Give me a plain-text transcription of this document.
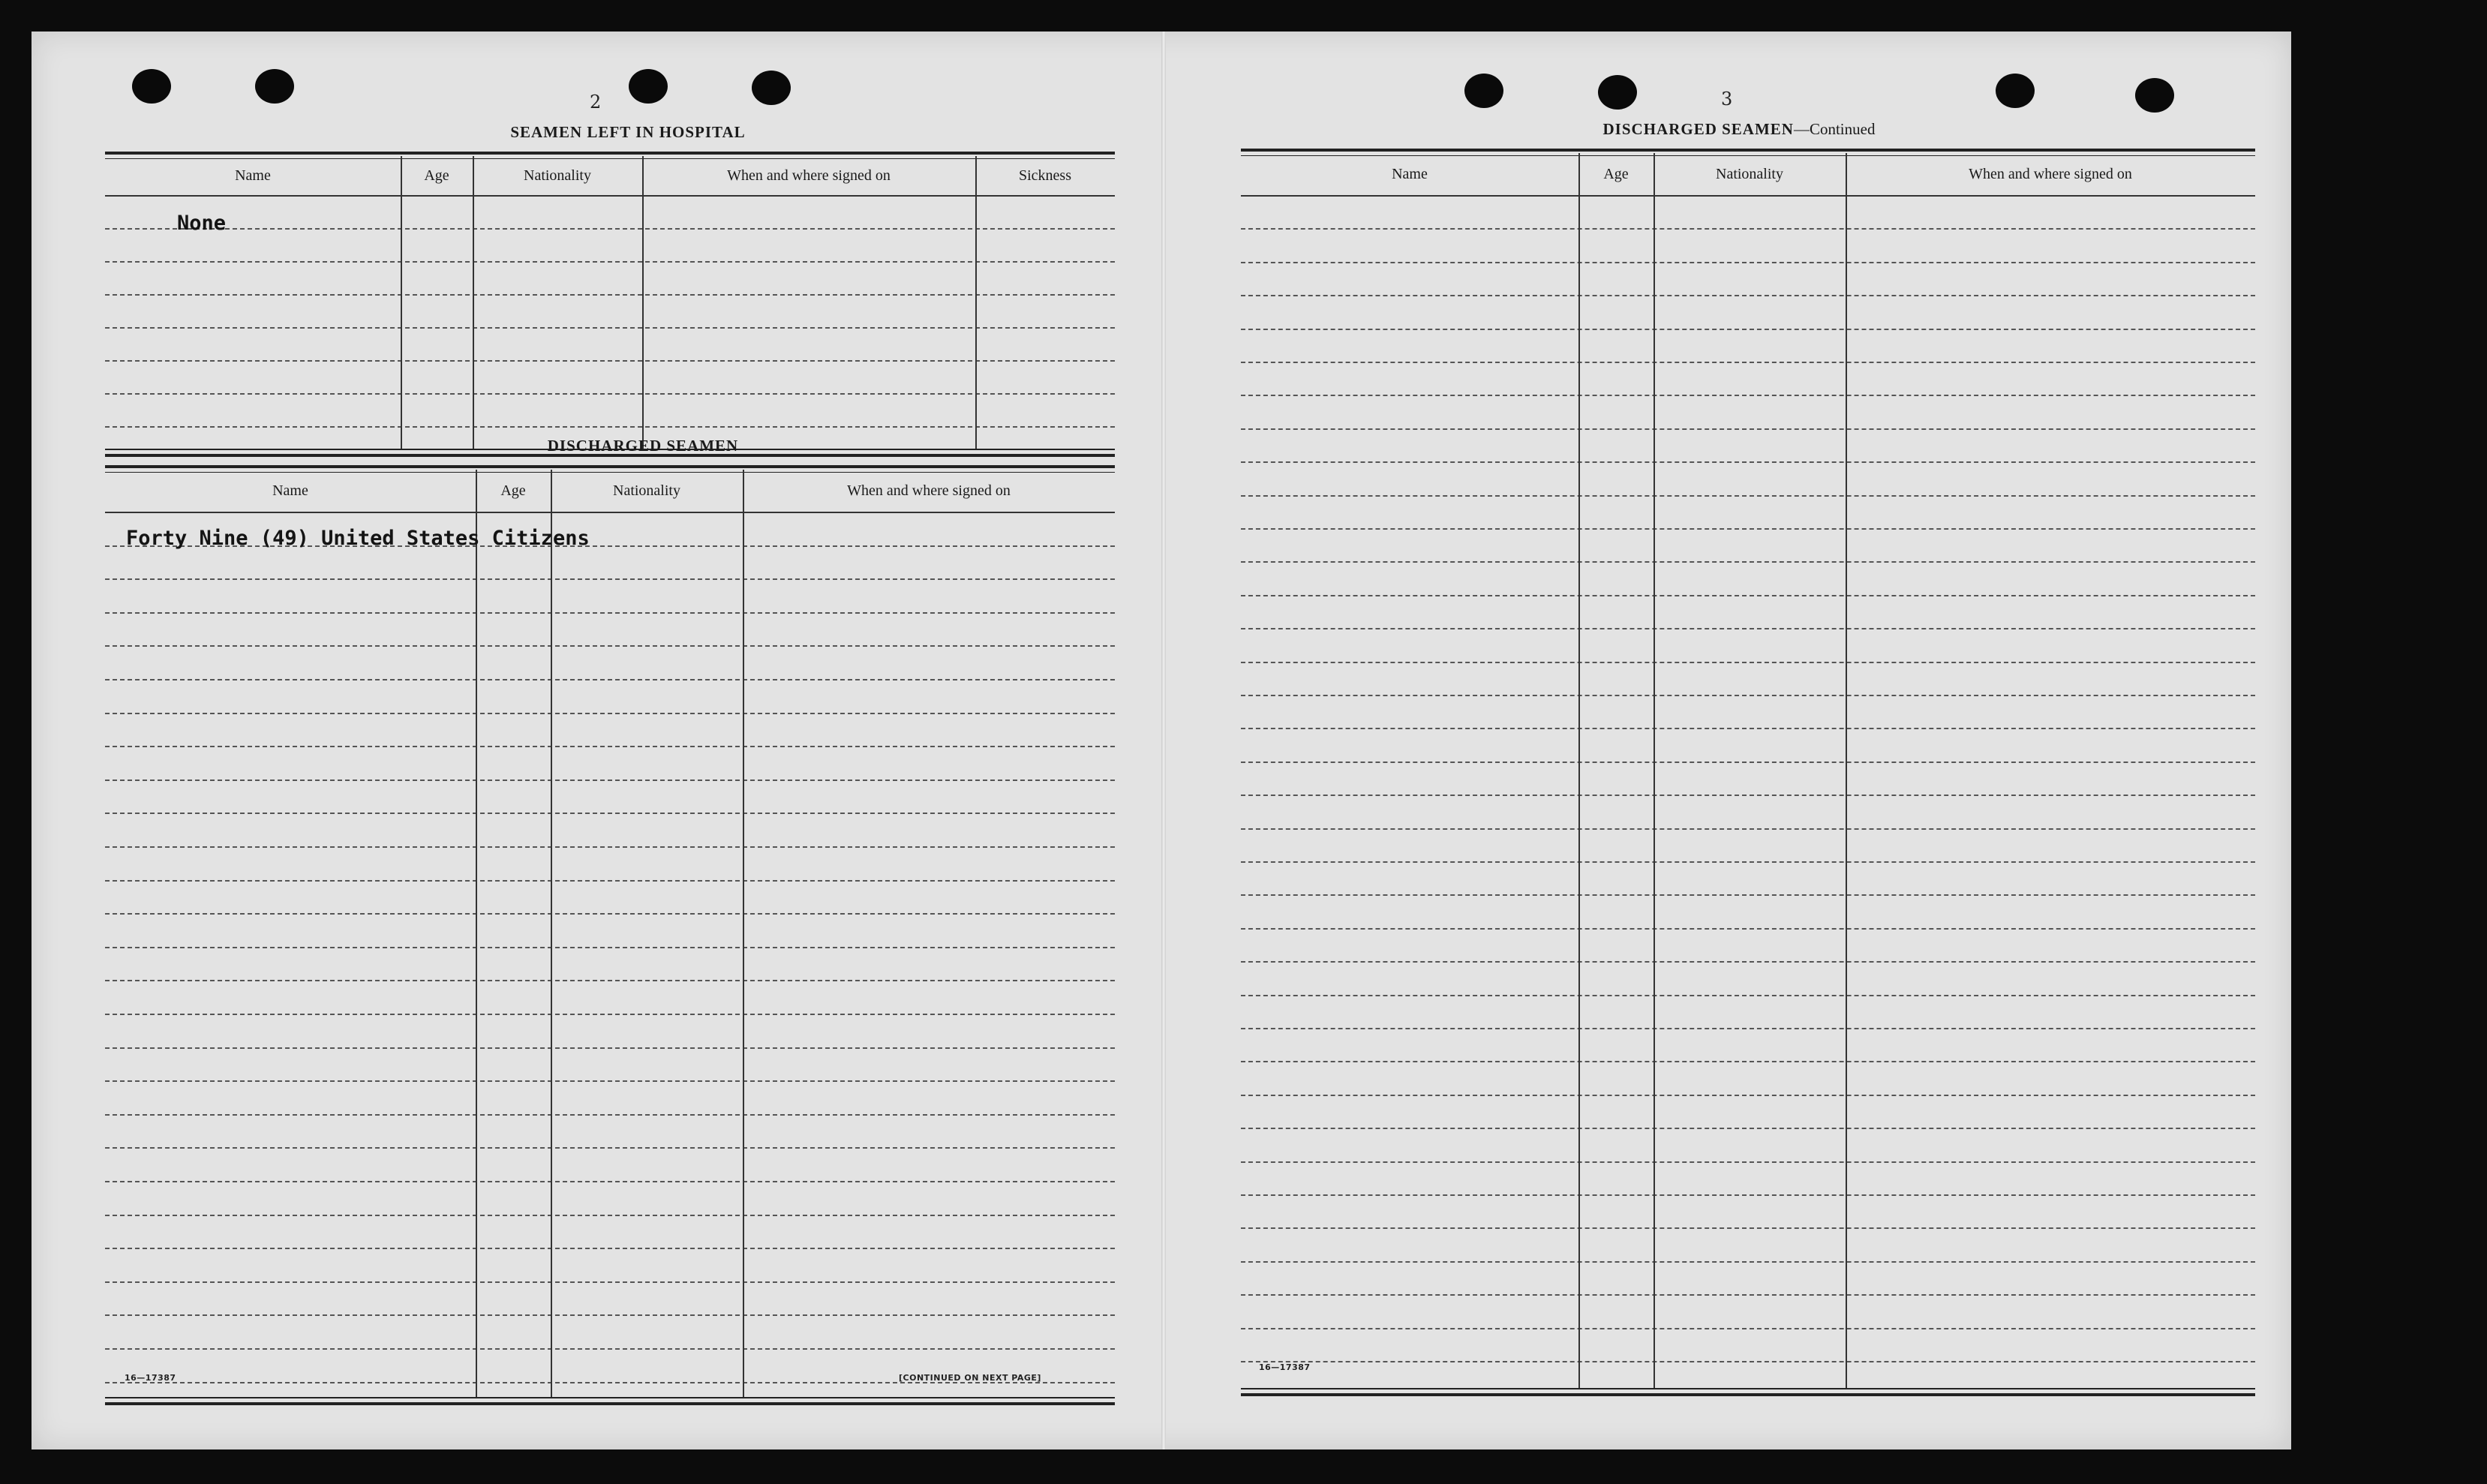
2
SEAMEN LEFT IN HOSPITAL
Name	Age	Nationality	When and where signed on	Sickness
None
DISCHARGED SEAMEN
Name	Age	Nationality	When and where signed on
Forty Nine (49) United States Citizens
16—17387	[CONTINUED ON NEXT PAGE]
3
DISCHARGED SEAMEN—Continued
Name	Age	Nationality	When and where signed on
16—17387
